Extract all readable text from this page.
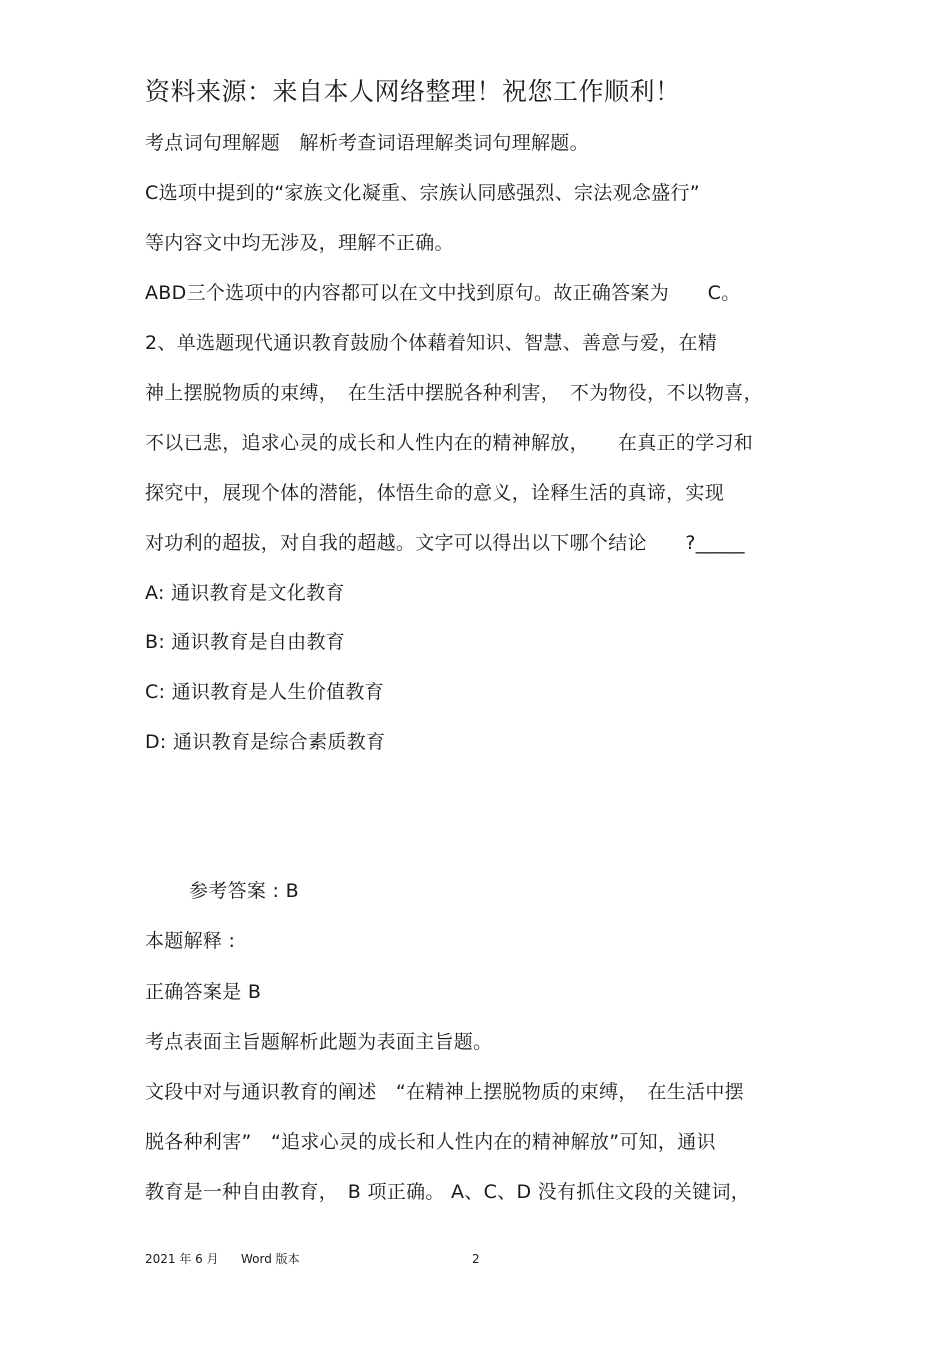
资料来源：来自本人网络整理！祝您工作顺利！
考点词句理解题　解析考查词语理解类词句理解题。
C选项中提到的“家族文化凝重、宗族认同感强烈、宗法观念盛行”
等内容文中均无涉及，理解不正确。
ABD三个选项中的内容都可以在文中找到原句。故正确答案为　　C。
2、单选题现代通识教育鼓励个体藉着知识、智慧、善意与爱，在精
神上摆脱物质的束缚，　在生活中摆脱各种利害，　不为物役，不以物喜，
不以已悲，追求心灵的成长和人性内在的精神解放，　　在真正的学习和
探究中，展现个体的潜能，体悟生命的意义，诠释生活的真谛，实现
对功利的超拔，对自我的超越。文字可以得出以下哪个结论　　?_____
A: 通识教育是文化教育
B: 通识教育是自由教育
C: 通识教育是人生价值教育
D: 通识教育是综合素质教育
参考答案 : B
本题解释 :
正确答案是 B
考点表面主旨题解析此题为表面主旨题。
文段中对与通识教育的阐述　“在精神上摆脱物质的束缚，　在生活中摆
脱各种利害”　“追求心灵的成长和人性内在的精神解放”可知，通识
教育是一种自由教育，　B 项正确。 A、C、D 没有抓住文段的关键词，
2021 年 6 月 Word 版本	2
